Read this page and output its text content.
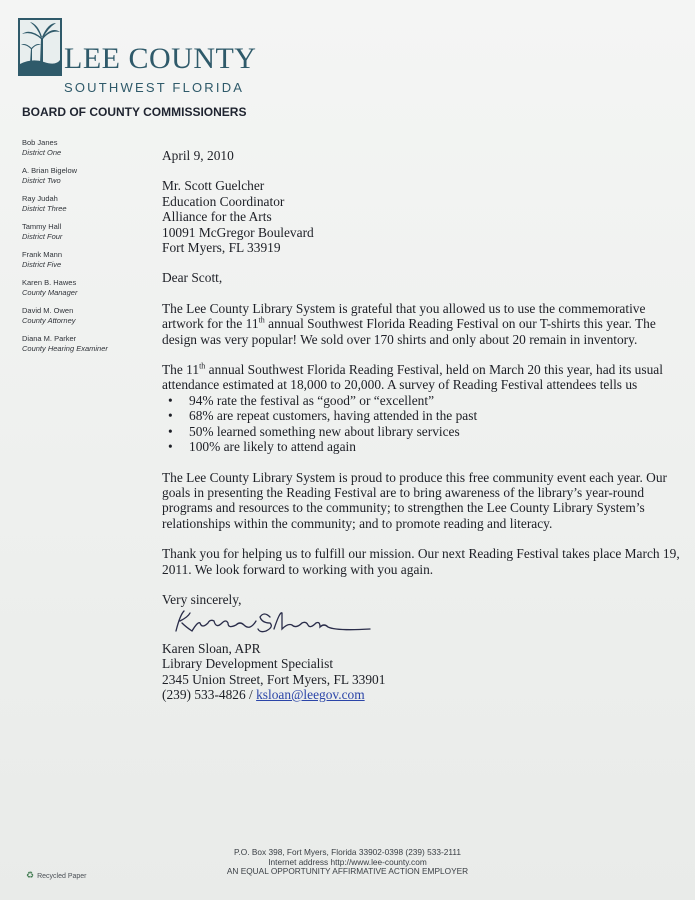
LEE COUNTY
SOUTHWEST FLORIDA
BOARD OF COUNTY COMMISSIONERS
Bob Janes
District One
A. Brian Bigelow
District Two
Ray Judah
District Three
Tammy Hall
District Four
Frank Mann
District Five
Karen B. Hawes
County Manager
David M. Owen
County Attorney
Diana M. Parker
County Hearing Examiner

April 9, 2010

Mr. Scott Guelcher

Education Coordinator

Alliance for the Arts

10091 McGregor Boulevard

Fort Myers, FL 33919

Dear Scott,

The Lee County Library System is grateful that you allowed us to use the commemorative artwork for the 11th annual Southwest Florida Reading Festival on our T-shirts this year. The design was very popular! We sold over 170 shirts and only about 20 remain in inventory.

The 11th annual Southwest Florida Reading Festival, held on March 20 this year, had its usual attendance estimated at 18,000 to 20,000. A survey of Reading Festival attendees tells us

• 94% rate the festival as “good” or “excellent”
• 68% are repeat customers, having attended in the past
• 50% learned something new about library services
• 100% are likely to attend again

The Lee County Library System is proud to produce this free community event each year. Our goals in presenting the Reading Festival are to bring awareness of the library’s year-round programs and resources to the community; to strengthen the Lee County Library System’s relationships within the community; and to promote reading and literacy.

Thank you for helping us to fulfill our mission. Our next Reading Festival takes place March 19, 2011. We look forward to working with you again.

Very sincerely,

Karen Sloan, APR

Library Development Specialist

2345 Union Street, Fort Myers, FL 33901

(239) 533-4826 / ksloan@leegov.com

P.O. Box 398, Fort Myers, Florida 33902-0398 (239) 533-2111
Internet address http://www.lee-county.com
AN EQUAL OPPORTUNITY AFFIRMATIVE ACTION EMPLOYER
♻ Recycled Paper
